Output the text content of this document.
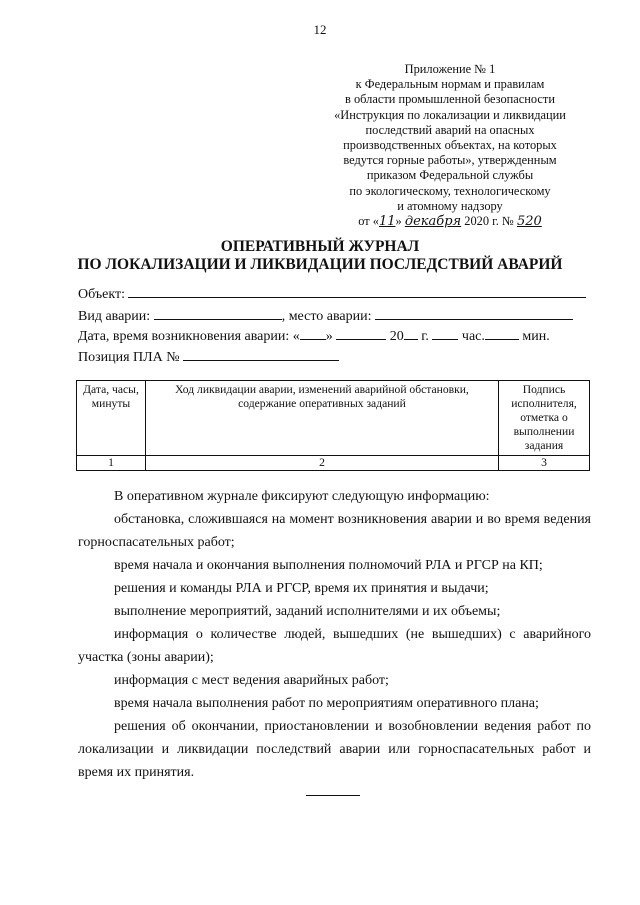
12
Приложение № 1
к Федеральным нормам и правилам
в области промышленной безопасности
«Инструкция по локализации и ликвидации
последствий аварий на опасных
производственных объектах, на которых
ведутся горные работы», утвержденным
приказом Федеральной службы
по экологическому, технологическому
и атомному надзору
от «11» декабря 2020 г. № 520
ОПЕРАТИВНЫЙ ЖУРНАЛ
ПО ЛОКАЛИЗАЦИИ И ЛИКВИДАЦИИ ПОСЛЕДСТВИЙ АВАРИЙ
Объект:
Вид аварии:	, место аварии:
Дата, время возникновения аварии: « »	20 г. час.	мин.
Позиция ПЛА №
Дата, часы, минуты	Ход ликвидации аварии, изменений аварийной обстановки, содержание оперативных заданий	Подпись исполнителя, отметка о выполнении задания
1	2	3

В оперативном журнале фиксируют следующую информацию:

обстановка, сложившаяся на момент возникновения аварии и во время ведения горноспасательных работ;

время начала и окончания выполнения полномочий РЛА и РГСР на КП;

решения и команды РЛА и РГСР, время их принятия и выдачи;

выполнение мероприятий, заданий исполнителями и их объемы;

информация о количестве людей, вышедших (не вышедших) с аварийного участка (зоны аварии);

информация с мест ведения аварийных работ;

время начала выполнения работ по мероприятиям оперативного плана;

решения об окончании, приостановлении и возобновлении ведения работ по локализации и ликвидации последствий аварии или горноспасательных работ и время их принятия.
